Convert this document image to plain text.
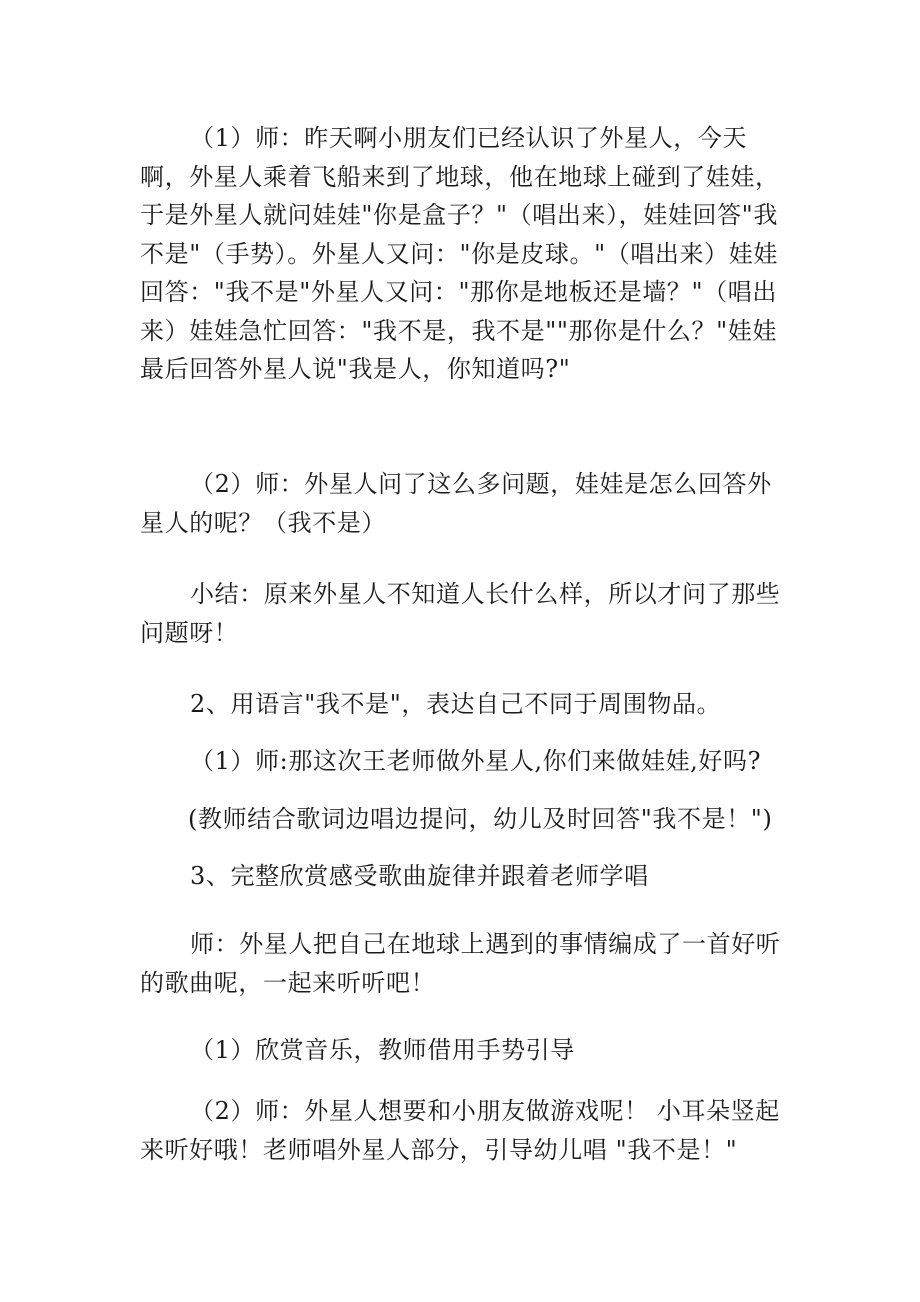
（1）师：昨天啊小朋友们已经认识了外星人，今天啊，外星人乘着飞船来到了地球，他在地球上碰到了娃娃，于是外星人就问娃娃"你是盒子？"（唱出来），娃娃回答"我不是"（手势）。外星人又问："你是皮球。"（唱出来）娃娃回答："我不是"外星人又问："那你是地板还是墙？"（唱出来）娃娃急忙回答："我不是，我不是""那你是什么？"娃娃最后回答外星人说"我是人，你知道吗?"

（2）师：外星人问了这么多问题，娃娃是怎么回答外星人的呢？（我不是）

小结：原来外星人不知道人长什么样，所以才问了那些问题呀！

2、用语言"我不是"，表达自己不同于周围物品。

（1）师:那这次王老师做外星人,你们来做娃娃,好吗?

(教师结合歌词边唱边提问，幼儿及时回答"我不是！")

3、完整欣赏感受歌曲旋律并跟着老师学唱

师：外星人把自己在地球上遇到的事情编成了一首好听的歌曲呢，一起来听听吧！

（1）欣赏音乐，教师借用手势引导

（2）师：外星人想要和小朋友做游戏呢！ 小耳朵竖起来听好哦！老师唱外星人部分，引导幼儿唱 "我不是！"
